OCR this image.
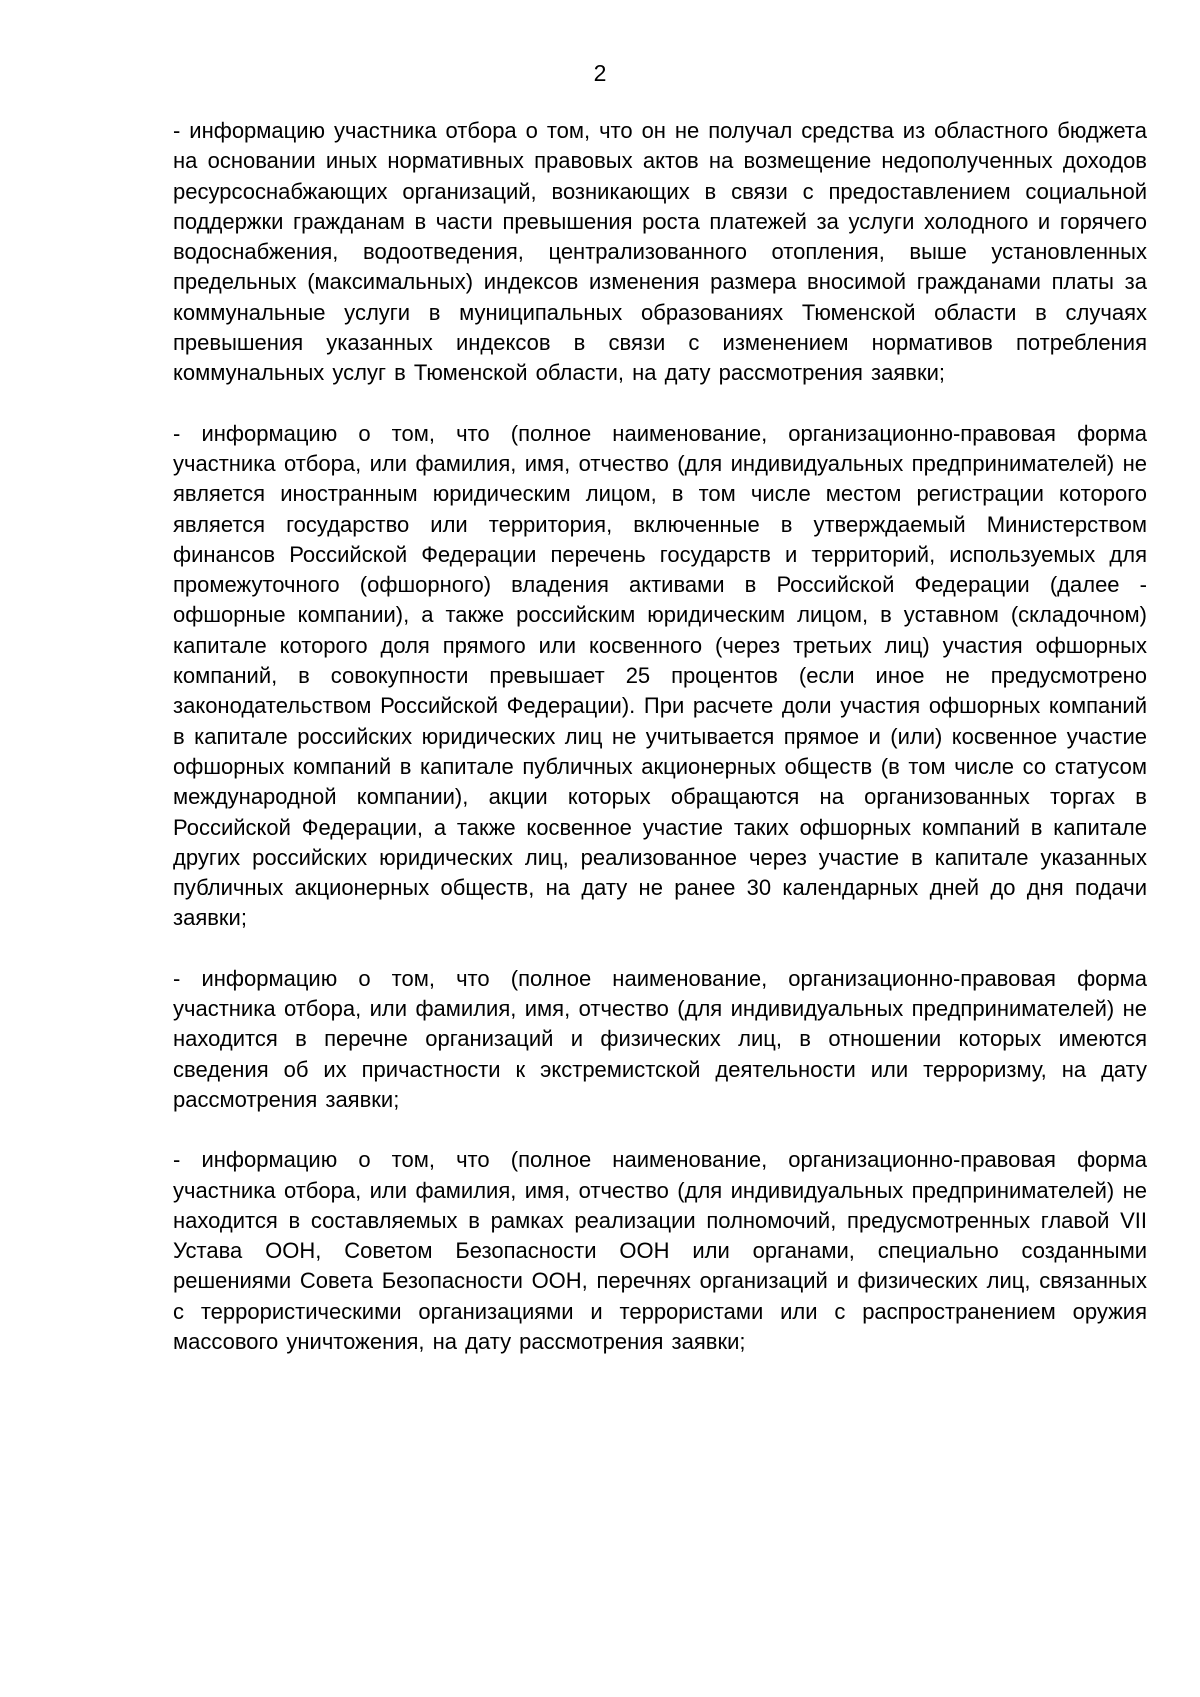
2

- информацию участника отбора о том, что он не получал средства из областного бюджета на основании иных нормативных правовых актов на возмещение недополученных доходов ресурсоснабжающих организаций, возникающих в связи с предоставлением социальной поддержки гражданам в части превышения роста платежей за услуги холодного и горячего водоснабжения, водоотведения, централизованного отопления, выше установленных предельных (максимальных) индексов изменения размера вносимой гражданами платы за коммунальные услуги в муниципальных образованиях Тюменской области в случаях превышения указанных индексов в связи с изменением нормативов потребления коммунальных услуг в Тюменской области, на дату рассмотрения заявки;

- информацию о том, что (полное наименование, организационно-правовая форма участника отбора, или фамилия, имя, отчество (для индивидуальных предпринимателей) не является иностранным юридическим лицом, в том числе местом регистрации которого является государство или территория, включенные в утверждаемый Министерством финансов Российской Федерации перечень государств и территорий, используемых для промежуточного (офшорного) владения активами в Российской Федерации (далее - офшорные компании), а также российским юридическим лицом, в уставном (складочном) капитале которого доля прямого или косвенного (через третьих лиц) участия офшорных компаний, в совокупности превышает 25 процентов (если иное не предусмотрено законодательством Российской Федерации). При расчете доли участия офшорных компаний в капитале российских юридических лиц не учитывается прямое и (или) косвенное участие офшорных компаний в капитале публичных акционерных обществ (в том числе со статусом международной компании), акции которых обращаются на организованных торгах в Российской Федерации, а также косвенное участие таких офшорных компаний в капитале других российских юридических лиц, реализованное через участие в капитале указанных публичных акционерных обществ, на дату не ранее 30 календарных дней до дня подачи заявки;

- информацию о том, что (полное наименование, организационно-правовая форма участника отбора, или фамилия, имя, отчество (для индивидуальных предпринимателей) не находится в перечне организаций и физических лиц, в отношении которых имеются сведения об их причастности к экстремистской деятельности или терроризму, на дату рассмотрения заявки;

- информацию о том, что (полное наименование, организационно-правовая форма участника отбора, или фамилия, имя, отчество (для индивидуальных предпринимателей) не находится в составляемых в рамках реализации полномочий, предусмотренных главой VII Устава ООН, Советом Безопасности ООН или органами, специально созданными решениями Совета Безопасности ООН, перечнях организаций и физических лиц, связанных с террористическими организациями и террористами или с распространением оружия массового уничтожения, на дату рассмотрения заявки;
